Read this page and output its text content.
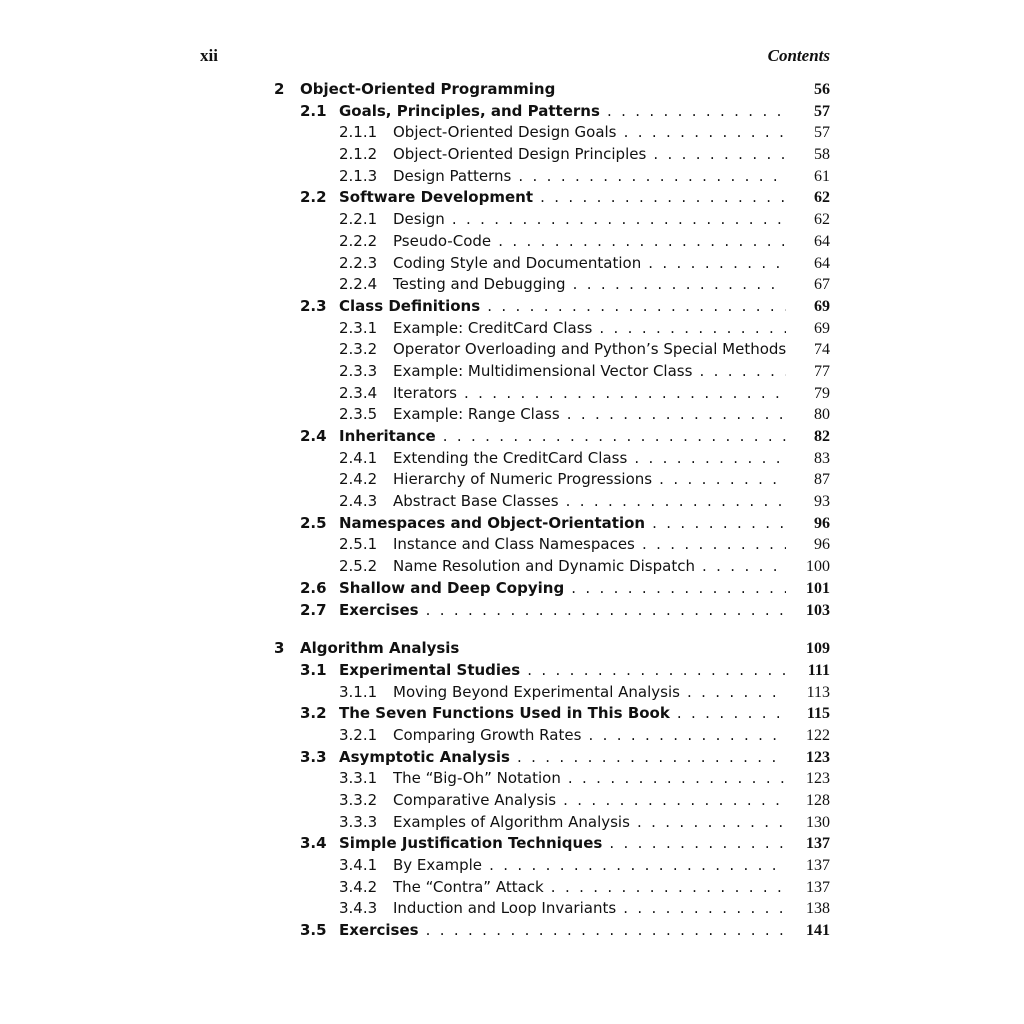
xii	Contents
2 Object-Oriented Programming	56
2.1 Goals, Principles, and Patterns . . .	57
2.1.1 Object-Oriented Design Goals . . .	57
2.1.2 Object-Oriented Design Principles . . .	58
2.1.3 Design Patterns . . .	61
2.2 Software Development . . .	62
2.2.1 Design . . .	62
2.2.2 Pseudo-Code . . .	64
2.2.3 Coding Style and Documentation . . .	64
2.2.4 Testing and Debugging . . .	67
2.3 Class Definitions . . .	69
2.3.1 Example: CreditCard Class . . .	69
2.3.2 Operator Overloading and Python’s Special Methods . . . 74
2.3.3 Example: Multidimensional Vector Class . . .	77
2.3.4 Iterators . . .	79
2.3.5 Example: Range Class . . .	80
2.4 Inheritance . . .	82
2.4.1 Extending the CreditCard Class . . .	83
2.4.2 Hierarchy of Numeric Progressions . . .	87
2.4.3 Abstract Base Classes . . .	93
2.5 Namespaces and Object-Orientation . . .	96
2.5.1 Instance and Class Namespaces . . .	96
2.5.2 Name Resolution and Dynamic Dispatch . . .	100
2.6 Shallow and Deep Copying . . .	101
2.7 Exercises . . .	103
3 Algorithm Analysis	109
3.1 Experimental Studies . . .	111
3.1.1 Moving Beyond Experimental Analysis . . .	113
3.2 The Seven Functions Used in This Book . . .	115
3.2.1 Comparing Growth Rates . . .	122
3.3 Asymptotic Analysis . . .	123
3.3.1 The “Big-Oh” Notation . . .	123
3.3.2 Comparative Analysis . . .	128
3.3.3 Examples of Algorithm Analysis . . .	130
3.4 Simple Justification Techniques . . .	137
3.4.1 By Example . . .	137
3.4.2 The “Contra” Attack . . .	137
3.4.3 Induction and Loop Invariants . . .	138
3.5 Exercises . . .	141
